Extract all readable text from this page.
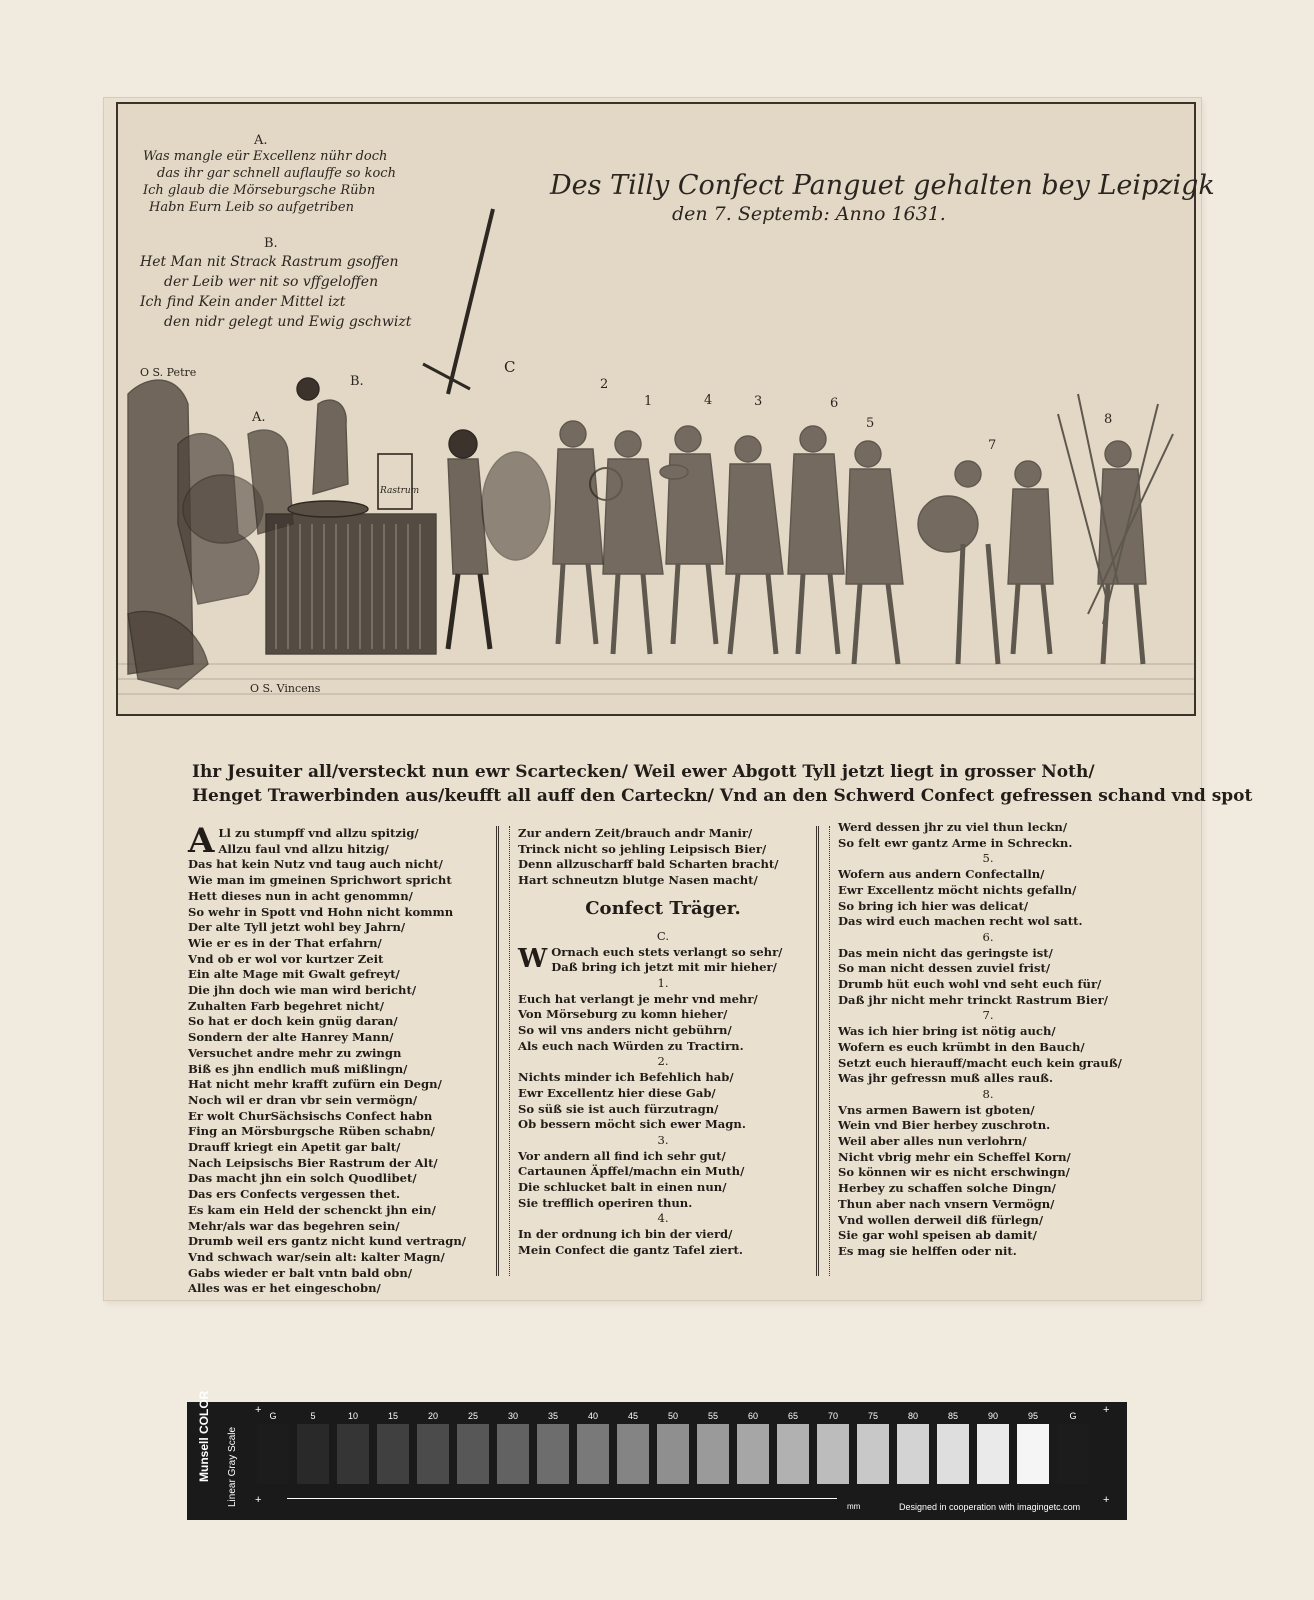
A.
Was mangle eür Excellenz nühr doch
das ihr gar schnell auflauffe so koch
Ich glaub die Mörseburgsche Rübn
Habn Eurn Leib so aufgetriben
B.
Het Man nit Strack Rastrum gsoffen
der Leib wer nit so vffgeloffen
Ich find Kein ander Mittel izt
den nidr gelegt und Ewig gschwizt
Des Tilly Confect Panguet gehalten bey Leipzigk
den 7. Septemb: Anno 1631.
O S. Petre
O S. Vincens
A.
B.
C
1
2
3
4
5
6
7
8
Rastrum
Ihr Jesuiter all/versteckt nun ewr Scartecken/ Weil ewer Abgott Tyll jetzt liegt in grosser Noth/
Henget Trawerbinden aus/keufft all auff den Carteckn/ Vnd an den Schwerd Confect gefressen schand vnd spot
A Ll zu stumpff vnd allzu spitzig/
Allzu faul vnd allzu hitzig/
Das hat kein Nutz vnd taug auch nicht/
Wie man im gmeinen Sprichwort spricht
Hett dieses nun in acht genommn/
So wehr in Spott vnd Hohn nicht kommn
Der alte Tyll jetzt wohl bey Jahrn/
Wie er es in der That erfahrn/
Vnd ob er wol vor kurtzer Zeit
Ein alte Mage mit Gwalt gefreyt/
Die jhn doch wie man wird bericht/
Zuhalten Farb begehret nicht/
So hat er doch kein gnüg daran/
Sondern der alte Hanrey Mann/
Versuchet andre mehr zu zwingn
Biß es jhn endlich muß mißlingn/
Hat nicht mehr krafft zufürn ein Degn/
Noch wil er dran vbr sein vermögn/
Er wolt ChurSächsischs Confect habn
Fing an Mörsburgsche Rüben schabn/
Drauff kriegt ein Apetit gar balt/
Nach Leipsischs Bier Rastrum der Alt/
Das macht jhn ein solch Quodlibet/
Das ers Confects vergessen thet.
Es kam ein Held der schenckt jhn ein/
Mehr/als war das begehren sein/
Drumb weil ers gantz nicht kund vertragn/
Vnd schwach war/sein alt: kalter Magn/
Gabs wieder er balt vntn bald obn/
Alles was er het eingeschobn/
Zur andern Zeit/brauch andr Manir/
Trinck nicht so jehling Leipsisch Bier/
Denn allzuscharff bald Scharten bracht/
Hart schneutzn blutge Nasen macht/
Confect Träger.
C.
W Ornach euch stets verlangt so sehr/
Daß bring ich jetzt mit mir hieher/
1.
Euch hat verlangt je mehr vnd mehr/
Von Mörseburg zu komn hieher/
So wil vns anders nicht gebührn/
Als euch nach Würden zu Tractirn.
2.
Nichts minder ich Befehlich hab/
Ewr Excellentz hier diese Gab/
So süß sie ist auch fürzutragn/
Ob bessern möcht sich ewer Magn.
3.
Vor andern all find ich sehr gut/
Cartaunen Äpffel/machn ein Muth/
Die schlucket balt in einen nun/
Sie trefflich operiren thun.
4.
In der ordnung ich bin der vierd/
Mein Confect die gantz Tafel ziert.
Werd dessen jhr zu viel thun leckn/
So felt ewr gantz Arme in Schreckn.
5.
Wofern aus andern Confectalln/
Ewr Excellentz möcht nichts gefalln/
So bring ich hier was delicat/
Das wird euch machen recht wol satt.
6.
Das mein nicht das geringste ist/
So man nicht dessen zuviel frist/
Drumb hüt euch wohl vnd seht euch für/
Daß jhr nicht mehr trinckt Rastrum Bier/
7.
Was ich hier bring ist nötig auch/
Wofern es euch krümbt in den Bauch/
Setzt euch hierauff/macht euch kein grauß/
Was jhr gefressn muß alles rauß.
8.
Vns armen Bawern ist gboten/
Wein vnd Bier herbey zuschrotn.
Weil aber alles nun verlohrn/
Nicht vbrig mehr ein Scheffel Korn/
So können wir es nicht erschwingn/
Herbey zu schaffen solche Dingn/
Thun aber nach vnsern Vermögn/
Vnd wollen derweil diß fürlegn/
Sie gar wohl speisen ab damit/
Es mag sie helffen oder nit.
Munsell COLOR Linear Gray Scale
G	5	10	15	20	25	30	35	40	45	50	55	60	65	70	75	80	85	90	95	G
mm	Designed in cooperation with imagingetc.com
+
+
+
+
